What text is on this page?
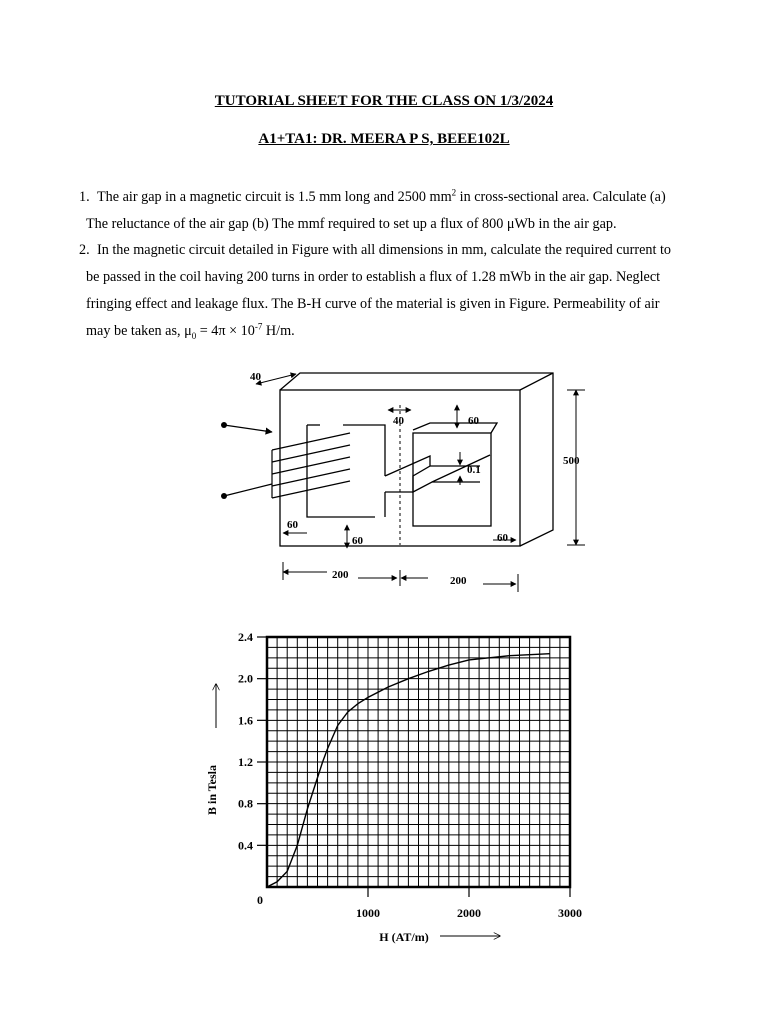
TUTORIAL SHEET FOR THE CLASS ON 1/3/2024
A1+TA1: DR. MEERA P S, BEEE102L
1. The air gap in a magnetic circuit is 1.5 mm long and 2500 $mm^2$ in cross-sectional area. Calculate (a)
The reluctance of the air gap (b) The mmf required to set up a flux of 800 μWb in the air gap.
2. In the magnetic circuit detailed in Figure with all dimensions in mm, calculate the required current to
be passed in the coil having 200 turns in order to establish a flux of 1.28 mWb in the air gap. Neglect
fringing effect and leakage flux. The B-H curve of the material is given in Figure. Permeability of air
may be taken as, $\mu_0 = 4\pi \times 10^{-7}$ H/m.
40
40	60
0.1
500
60
60	60
200	200
0.4
0.8
1.2
1.6
2.0
2.4
0
1000	2000	3000
B in Tesla
H (AT/m)
